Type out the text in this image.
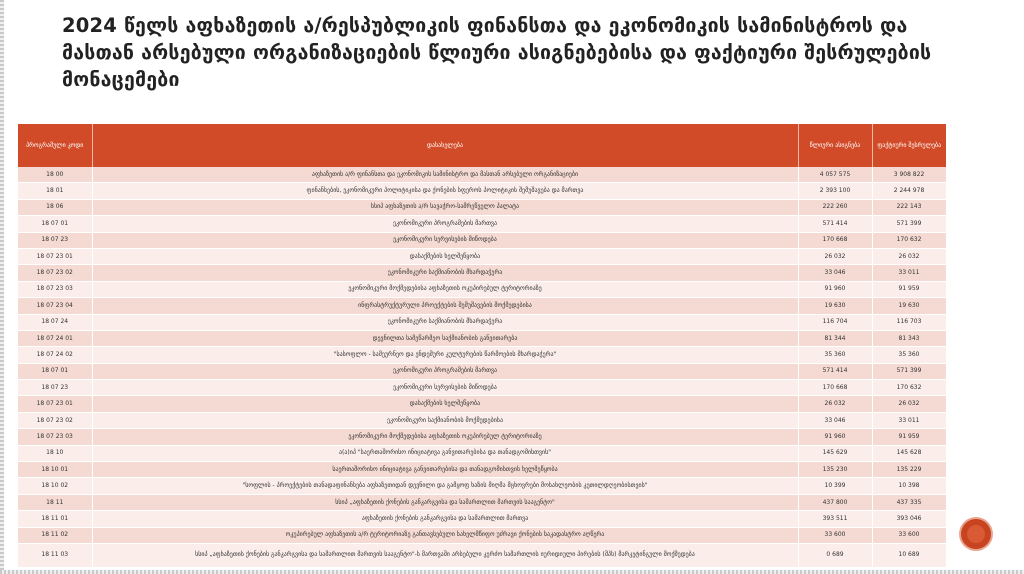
2024 წელს აფხაზეთის ა/რესპუბლიკის ფინანსთა და ეკონომიკის სამინისტროს და მასთან არსებული ორგანიზაციების წლიური ასიგნებებისა და ფაქტიური შესრულების მონაცემები
პროგრამული კოდი	დასახელება	წლიური ასიგნება	ფაქტიური შესრულება
18 00	აფხაზეთის ა/რ ფინანსთა და ეკონომიკის სამინისტრო და მასთან არსებული ორგანიზაციები	4 057 575	3 908 822
18 01	ფინანსების, ეკონომიკური პოლიტიკისა და ქონების სფეროს პოლიტიკის შემუშავება და მართვა	2 393 100	2 244 978
18 06	სსიპ აფხაზეთის ა/რ სავაჭრო-სამრეწველო პალატა	222 260	222 143
18 07 01	ეკონომიკური პროგრამების მართვა	571 414	571 399
18 07 23	ეკონომიკური სერვისების მიწოდება	170 668	170 632
18 07 23 01	დასაქმების ხელშეწყობა	26 032	26 032
18 07 23 02	ეკონომიკური საქმიანობის მხარდაჭერა	33 046	33 011
18 07 23 03	ეკონომიკური მოქმედებისა აფხაზეთის ოკუპირებულ ტერიტორიაზე	91 960	91 959
18 07 23 04	ინფრასტრუქტურული პროექტების შემუშავების მოქმედებისა	19 630	19 630
18 07 24	ეკონომიკური საქმიანობის მხარდაჭერა	116 704	116 703
18 07 24 01	დევნილთა სამეწარმეო საქმიანობის განვითარება	81 344	81 343
18 07 24 02	"სასოფლო - სამეურნეო და ენდემური კულტურების წარმოების მხარდაჭერა"	35 360	35 360
18 07 01	ეკონომიკური პროგრამების მართვა	571 414	571 399
18 07 23	ეკონომიკური სერვისების მიწოდება	170 668	170 632
18 07 23 01	დასაქმების ხელშეწყობა	26 032	26 032
18 07 23 02	ეკონომიკური საქმიანობის მოქმედებისა	33 046	33 011
18 07 23 03	ეკონომიკური მოქმედებისა აფხაზეთის ოკუპირებულ ტერიტორიაზე	91 960	91 959
18 10	ა(ა)იპ "საერთაშორისო ინიციატივა განვითარებისა და თანადგომისთვის"	145 629	145 628
18 10 01	საერთაშორისო ინიციატივა განვითარებისა და თანადგომისთვის ხელშეწყობა	135 230	135 229
18 10 02	"სოფლის - პროექტების თანადაფინანსება აფხაზეთიდან დევნილი და გამყოფ ხაზის მიღმა მცხოვრები მოსახლეობის კეთილდღეობისთვის"	10 399	10 398
18 11	სსიპ „აფხაზეთის ქონების განკარგვისა და სამართლით მართვის სააგენტო"	437 800	437 335
18 11 01	აფხაზეთის ქონების განკარგვისა და სამართლით მართვა	393 511	393 046
18 11 02	ოკუპირებულ აფხაზეთის ა/რ ტერიტორიაზე განთავსებული სახელმწიფო უძრავი ქონების საკადასტრო აღწერა	33 600	33 600
18 11 03	სსიპ „აფხაზეთის ქონების განკარგვისა და სამართლით მართვის სააგენტო"-ს მართვაში არსებული კერძო სამართლის იურიდიული პირების (შპს) მარკეტინგული მოქმედება	0 689	10 689
